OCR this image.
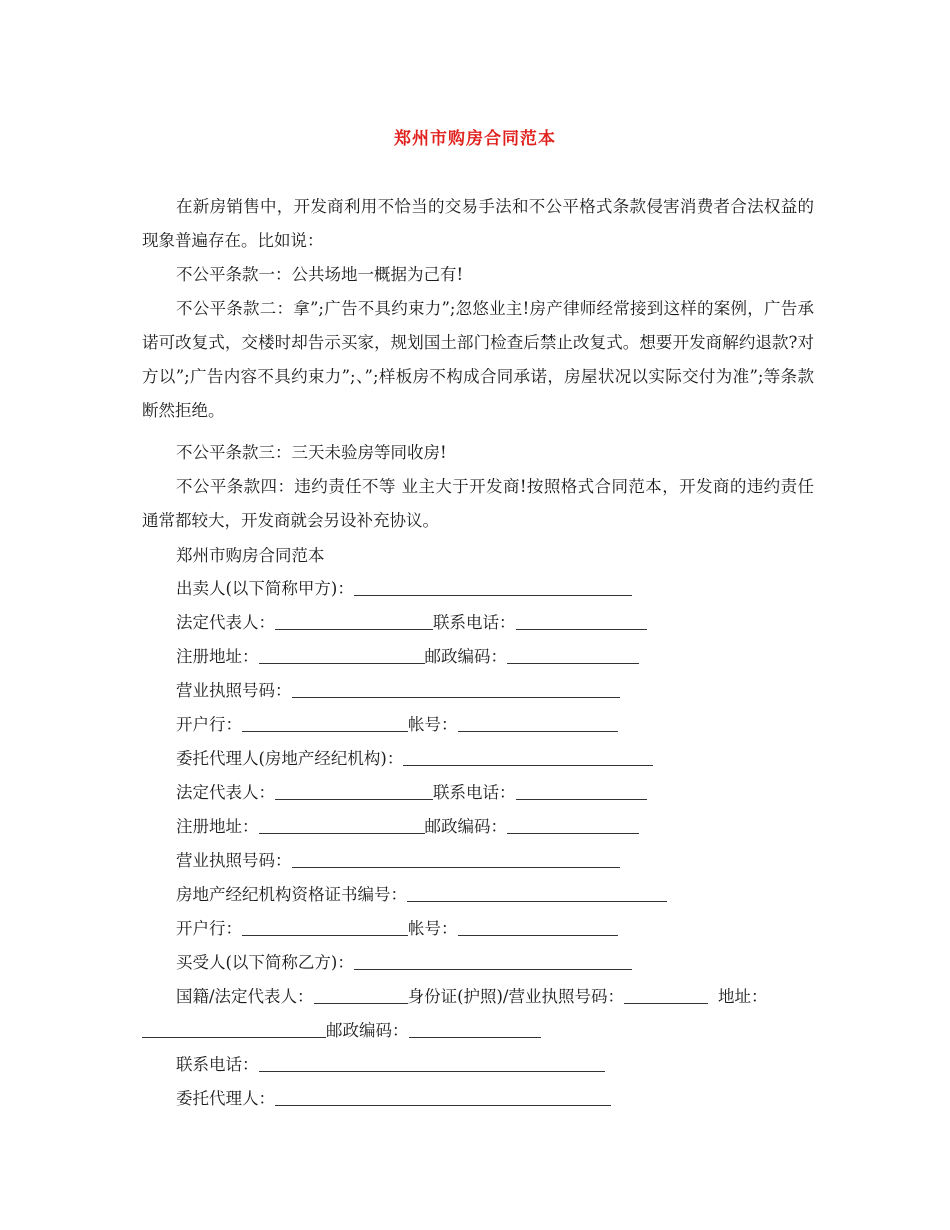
郑州市购房合同范本
在新房销售中，开发商利用不恰当的交易手法和不公平格式条款侵害消费者合法权益的现象普遍存在。比如说：
不公平条款一：公共场地一概据为己有!
不公平条款二：拿”;广告不具约束力”;忽悠业主!房产律师经常接到这样的案例，广告承诺可改复式，交楼时却告示买家，规划国土部门检查后禁止改复式。想要开发商解约退款?对方以”;广告内容不具约束力”;、”;样板房不构成合同承诺，房屋状况以实际交付为准”;等条款断然拒绝。
不公平条款三：三天未验房等同收房!
不公平条款四：违约责任不等 业主大于开发商!按照格式合同范本，开发商的违约责任通常都较大，开发商就会另设补充协议。
郑州市购房合同范本
出卖人(以下简称甲方)：
法定代表人：	联系电话：
注册地址：	邮政编码：
营业执照号码：
开户行：	帐号：
委托代理人(房地产经纪机构)：
法定代表人：	联系电话：
注册地址：	邮政编码：
营业执照号码：
房地产经纪机构资格证书编号：
开户行：	帐号：
买受人(以下简称乙方)：
国籍/法定代表人：	身份证(护照)/营业执照号码：	地址：
邮政编码：
联系电话：
委托代理人：
